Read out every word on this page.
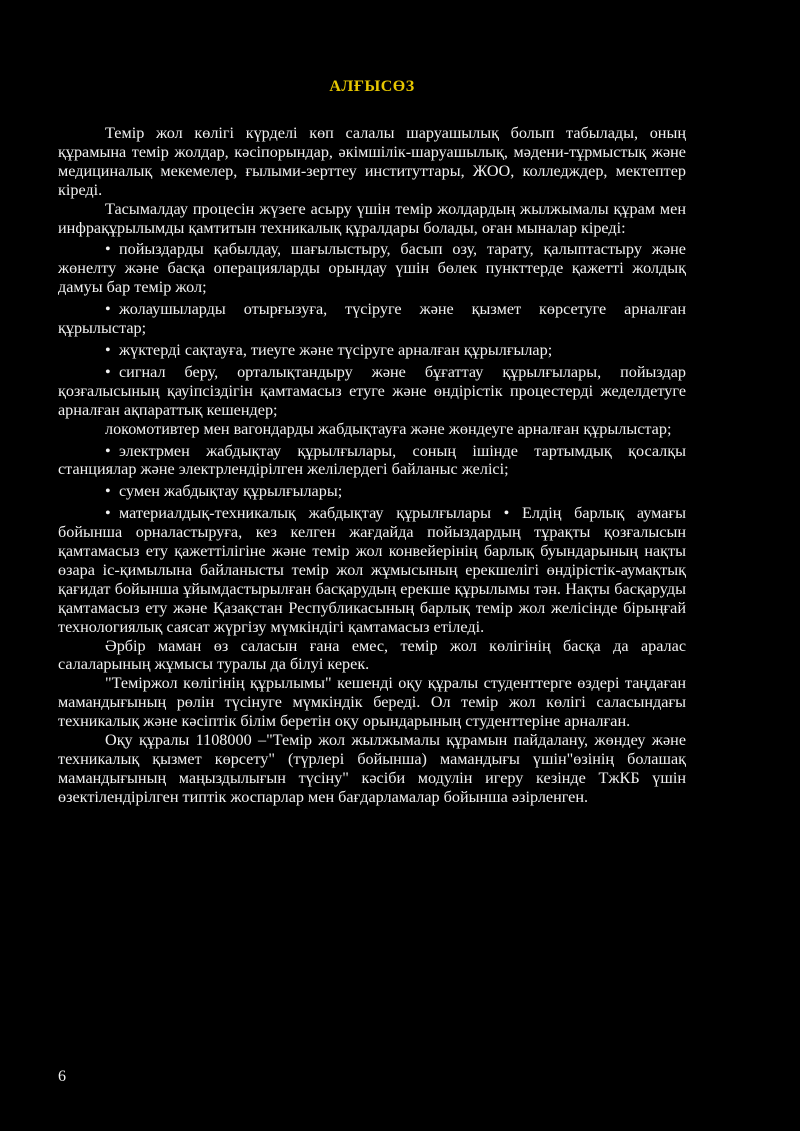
АЛҒЫСӨЗ

Темір жол көлігі күрделі көп салалы шаруашылық болып табылады, оның құрамына темір жолдар, кәсіпорындар, әкімшілік-шаруашылық, мәдени-тұрмыстық және медициналық мекемелер, ғылыми-зерттеу институттары, ЖОО, колледждер, мектептер кіреді.

Тасымалдау процесін жүзеге асыру үшін темір жолдардың жылжымалы құрам мен инфрақұрылымды қамтитын техникалық құралдары болады, оған мыналар кіреді:

• пойыздарды қабылдау, шағылыстыру, басып озу, тарату, қалыптастыру және жөнелту және басқа операцияларды орындау үшін бөлек пункттерде қажетті жолдық дамуы бар темір жол;

• жолаушыларды отырғызуға, түсіруге және қызмет көрсетуге арналған құрылыстар;

• жүктерді сақтауға, тиеуге және түсіруге арналған құрылғылар;

• сигнал беру, орталықтандыру және бұғаттау құрылғылары, пойыздар қозғалысының қауіпсіздігін қамтамасыз етуге және өндірістік процестерді жеделдетуге арналған ақпараттық кешендер;

локомотивтер мен вагондарды жабдықтауға және жөндеуге арналған құрылыстар;

• электрмен жабдықтау құрылғылары, соның ішінде тартымдық қосалқы станциялар және электрлендірілген желілердегі байланыс желісі;

• сумен жабдықтау құрылғылары;

• материалдық-техникалық жабдықтау құрылғылары • Елдің барлық аумағы бойынша орналастыруға, кез келген жағдайда пойыздардың тұрақты қозғалысын қамтамасыз ету қажеттілігіне және темір жол конвейерінің барлық буындарының нақты өзара іс-қимылына байланысты темір жол жұмысының ерекшелігі өндірістік-аумақтық қағидат бойынша ұйымдастырылған басқарудың ерекше құрылымы тән. Нақты басқаруды қамтамасыз ету және Қазақстан Республикасының барлық темір жол желісінде бірыңғай технологиялық саясат жүргізу мүмкіндігі қамтамасыз етіледі.

Әрбір маман өз саласын ғана емес, темір жол көлігінің басқа да аралас салаларының жұмысы туралы да білуі керек.

"Теміржол көлігінің құрылымы" кешенді оқу құралы студенттерге өздері таңдаған мамандығының рөлін түсінуге мүмкіндік береді. Ол темір жол көлігі саласындағы техникалық және кәсіптік білім беретін оқу орындарының студенттеріне арналған.

Оқу құралы 1108000 –"Темір жол жылжымалы құрамын пайдалану, жөндеу және техникалық қызмет көрсету" (түрлері бойынша) мамандығы үшін"өзінің болашақ мамандығының маңыздылығын түсіну" кәсіби модулін игеру кезінде ТжКБ үшін өзектілендірілген типтік жоспарлар мен бағдарламалар бойынша әзірленген.

6
